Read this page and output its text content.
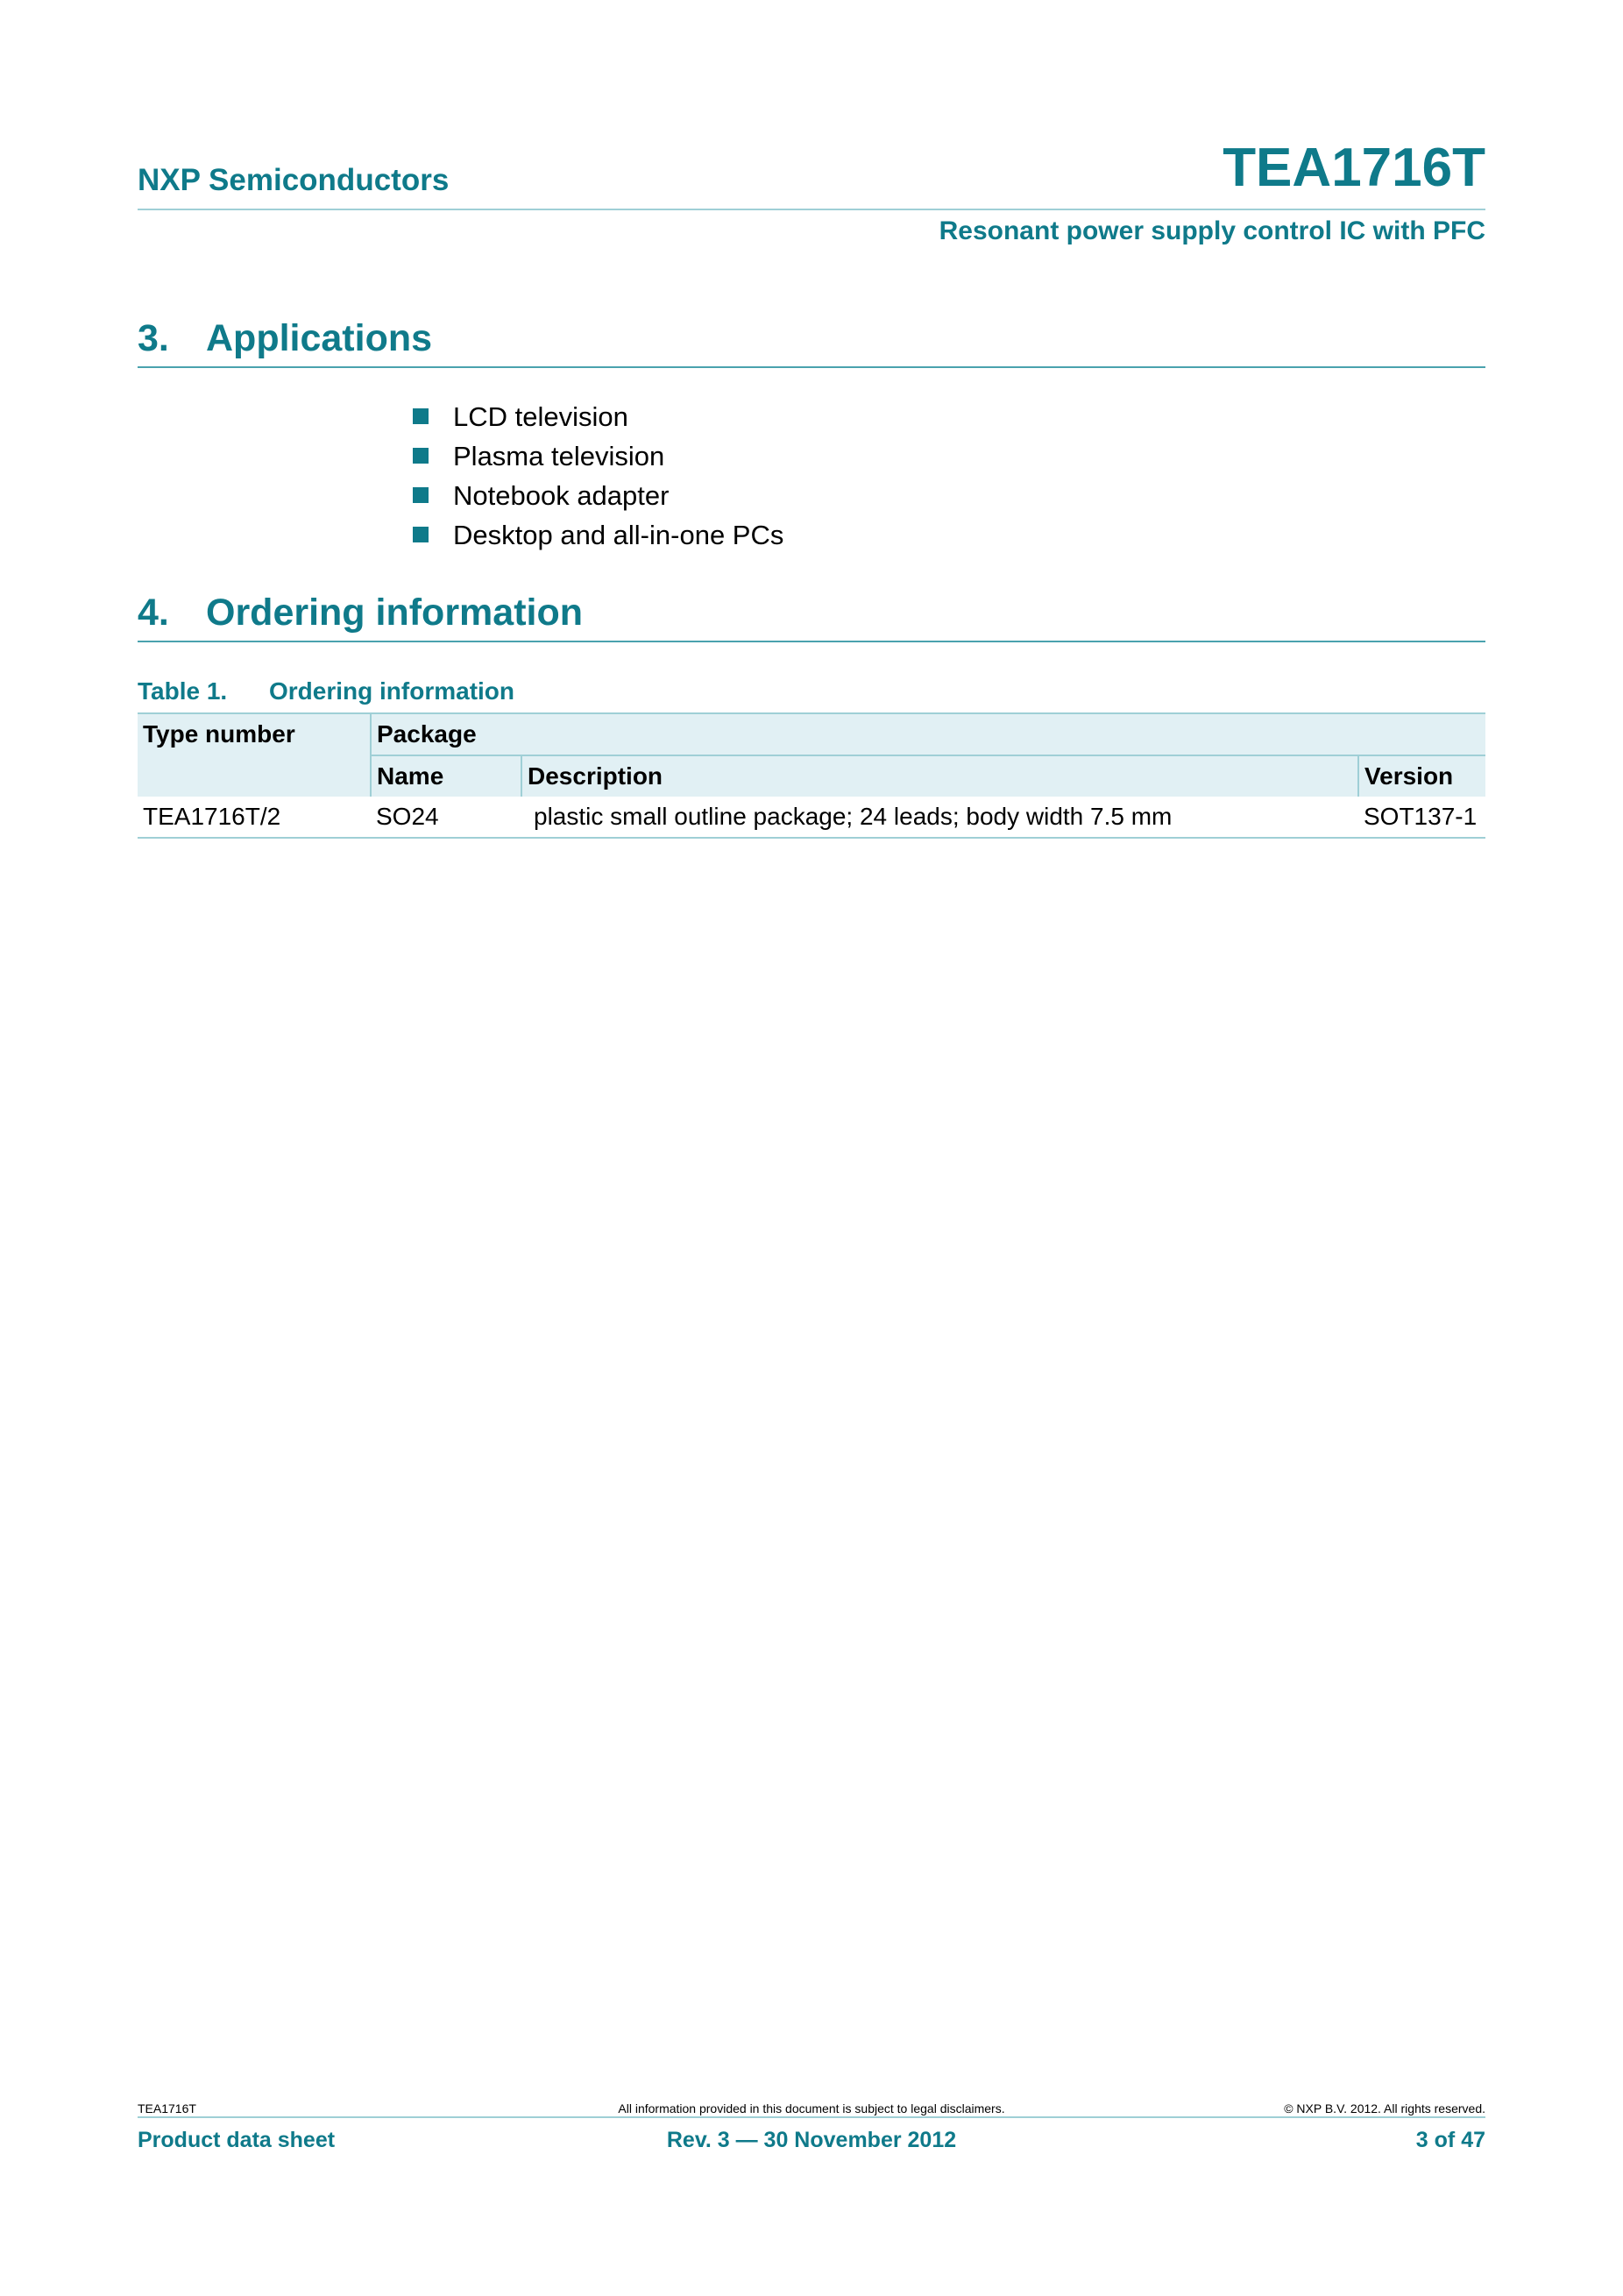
NXP Semiconductors	TEA1716T
Resonant power supply control IC with PFC
3. Applications
LCD television
Plasma television
Notebook adapter
Desktop and all-in-one PCs
4. Ordering information
Table 1. Ordering information
Type number	Package		
	Name	Description	Version
TEA1716T/2	SO24	plastic small outline package; 24 leads; body width 7.5 mm	SOT137-1
TEA1716T	All information provided in this document is subject to legal disclaimers.	© NXP B.V. 2012. All rights reserved.
Product data sheet	Rev. 3 — 30 November 2012	3 of 47
